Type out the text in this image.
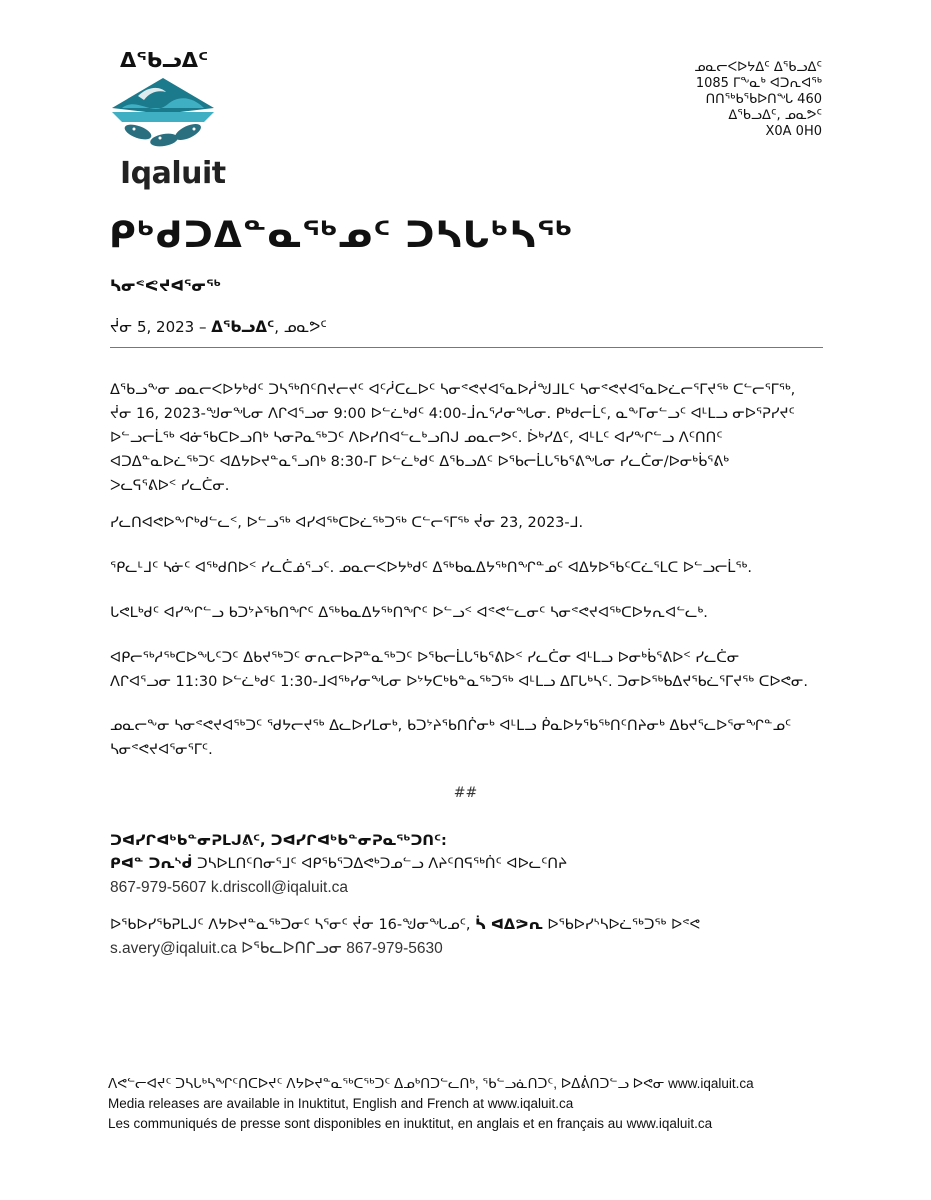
ᐃᖃᓗᐃᑦ
Iqaluit
ᓄᓇᓕᐸᐅᔭᐃᑦ ᐃᖃᓗᐃᑦ
1085 ᒥᖕᓇᒃ ᐊᑐᕆᐊᖅ
ᑎᑎᖅᑲᖃᐅᑎᖓ 460
ᐃᖃᓗᐃᑦ, ᓄᓇᕗᑦ
X0A 0H0
ᑭᒃᑯᑐᐃᓐᓇᖅᓄᑦ ᑐᓴᒐᒃᓴᖅ
ᓴᓂᕝᕙᔪᐊᕐᓂᖅ
ᔫᓂ 5, 2023 – ᐃᖃᓗᐃᑦ, ᓄᓇᕗᑦ

ᐃᖃᓗᖕᓂ ᓄᓇᓕᐸᐅᔭᒃᑯᑦ ᑐᓴᖅᑎᑦᑎᔪᓕᔪᑦ ᐊᑦᓲᑕᓚᐅᑦ ᓴᓂᕝᕙᔪᐊᕐᓇᐅᓲᖑᒧᒪᑦ ᓴᓂᕝᕙᔪᐊᕐᓇᐅᓛᓕᕐᒥᔪᖅ ᑕᓪᓕᕐᒥᖅ,

ᔫᓂ 16, 2023-ᖑᓂᖓᓂ ᐱᒋᐊᕐᓗᓂ 9:00 ᐅᓪᓛᒃᑯᑦ 4:00-ᒨᕆᕐᓱᓂᖓᓂ. ᑭᒃᑯᓕᒫᑦ, ᓇᖕᒥᓂᓪᓗᑦ ᐊᒻᒪᓗ ᓂᐅᕐᕈᓯᔪᑦ

ᐅᓪᓗᓕᒫᖅ ᐊᓃᖃᑕᐅᓗᑎᒃ ᓴᓂᕈᓇᖅᑐᑦ ᐱᐅᓯᑎᐊᓪᓚᒃᓗᑎᒍ ᓄᓇᓕᕗᑦ. ᐆᒃᓯᐃᑦ, ᐊᒻᒪᑦ ᐊᓯᖕᒋᓪᓗ ᐱᑦᑎᑎᑦ

ᐊᑐᐃᓐᓇᐅᓛᖅᑐᑦ ᐊᐃᔭᐅᔪᓐᓇᕐᓗᑎᒃ 8:30-ᒥ ᐅᓪᓛᒃᑯᑦ ᐃᖃᓗᐃᑦ ᐅᖃᓕᒫᒐᖃᕐᕕᖓᓂ ᓯᓚᑖᓂ/ᐅᓂᒃᑳᕐᕕᒃ

ᐳᓚᕋᕐᕕᐅᑉ ᓯᓚᑖᓂ.

ᓯᓚᑎᐊᕙᐅᖕᒋᒃᑯᓪᓚᑉ, ᐅᓪᓗᖅ ᐊᓯᐊᖅᑕᐅᓛᖅᑐᖅ ᑕᓪᓕᕐᒥᖅ ᔫᓂ 23, 2023-ᒧ.

ᕿᓚᒻᒧᑦ ᓴᓃᑦ ᐊᖅᑯᑎᐅᑉ ᓯᓚᑖᓅᕐᓗᑦ. ᓄᓇᓕᐸᐅᔭᒃᑯᑦ ᐃᖅᑲᓇᐃᔭᖅᑎᖏᓐᓄᑦ ᐊᐃᔭᐅᖃᑦᑕᓛᕐᒪᑕ ᐅᓪᓗᓕᒫᖅ.

ᒐᕙᒪᒃᑯᑦ ᐊᓯᖕᒋᓪᓗ ᑲᑐᔾᔨᖃᑎᖏᑦ ᐃᖅᑲᓇᐃᔭᖅᑎᖏᑦ ᐅᓪᓗᑉ ᐊᕝᕙᓪᓚᓂᑦ ᓴᓂᕝᕙᔪᐊᖅᑕᐅᔭᕆᐊᓪᓚᒃ.

ᐊᑭᓕᖅᓱᖅᑕᐅᖓᑦᑐᑦ ᐃᑲᔪᖅᑐᑦ ᓂᕆᓕᐅᕈᓐᓇᖅᑐᑦ ᐅᖃᓕᒫᒐᖃᕐᕕᐅᑉ ᓯᓚᑖᓂ ᐊᒻᒪᓗ ᐅᓂᒃᑳᕐᕕᐅᑉ ᓯᓚᑖᓂ

ᐱᒋᐊᕐᓗᓂ 11:30 ᐅᓪᓛᒃᑯᑦ 1:30-ᒧᐊᖅᓯᓂᖓᓂ ᐅᔾᔭᑕᒃᑲᓐᓇᖅᑐᖅ ᐊᒻᒪᓗ ᐃᒥᒐᒃᓴᑦ. ᑐᓂᐅᖅᑲᐃᔪᖃᓛᕐᒥᔪᖅ ᑕᐅᕙᓂ.

ᓄᓇᓕᖕᓂ ᓴᓂᕝᕙᔪᐊᖅᑐᑦ ᖁᔭᓕᔪᖅ ᐃᓚᐅᓯᒪᓂᒃ, ᑲᑐᔾᔨᖃᑎᒌᓂᒃ ᐊᒻᒪᓗ ᑮᓇᐅᔭᖃᖅᑎᑦᑎᔨᓂᒃ ᐃᑲᔪᕐᓚᐅᕐᓂᖏᓐᓄᑦ

ᓴᓂᕝᕙᔪᐊᕐᓂᕐᒥᑦ.

##
ᑐᐊᓯᒋᐊᒃᑲᓐᓂᕈᒪᒍᕕᑦ, ᑐᐊᓯᒋᐊᒃᑲᓐᓂᕈᓇᖅᑐᑎᑦ:
ᑭᐊᓐ ᑐᕆᔅᑰ ᑐᓴᐅᒪᑎᑦᑎᓂᕐᒧᑦ ᐊᑭᖃᕐᑐᐃᕙᒃᑐᓄᓪᓗ ᐱᔨᑦᑎᕋᖅᑏᑦ ᐊᐅᓚᑦᑎᔨ
867-979-5607 k.driscoll@iqaluit.ca
ᐅᖃᐅᓯᖃᕈᒪᒍᑦ ᐱᔭᐅᔪᓐᓇᖅᑐᓂᑦ ᓴᕐᓂᑦ ᔫᓂ 16-ᖑᓂᖓᓄᑦ, ᓵ ᐊᐃᕗᕆ ᐅᖃᐅᓯᔅᓴᐅᓛᖅᑐᖅ ᐅᕝᕙ
s.avery@iqaluit.ca ᐅᖃᓚᐅᑎᒋᓗᓂ 867-979-5630
ᐱᕙᓪᓕᐊᔪᑦ ᑐᓴᒐᒃᓴᖏᑦᑎᑕᐅᔪᑦ ᐱᔭᐅᔪᓐᓇᖅᑕᖅᑐᑦ ᐃᓄᒃᑎᑐᓪᓚᑎᒃ, ᖃᓪᓗᓈᑎᑐᑦ, ᐅᐃᕖᑎᑐᓪᓗ ᐅᕙᓂ www.iqaluit.ca
Media releases are available in Inuktitut, English and French at www.iqaluit.ca
Les communiqués de presse sont disponibles en inuktitut, en anglais et en français au www.iqaluit.ca
